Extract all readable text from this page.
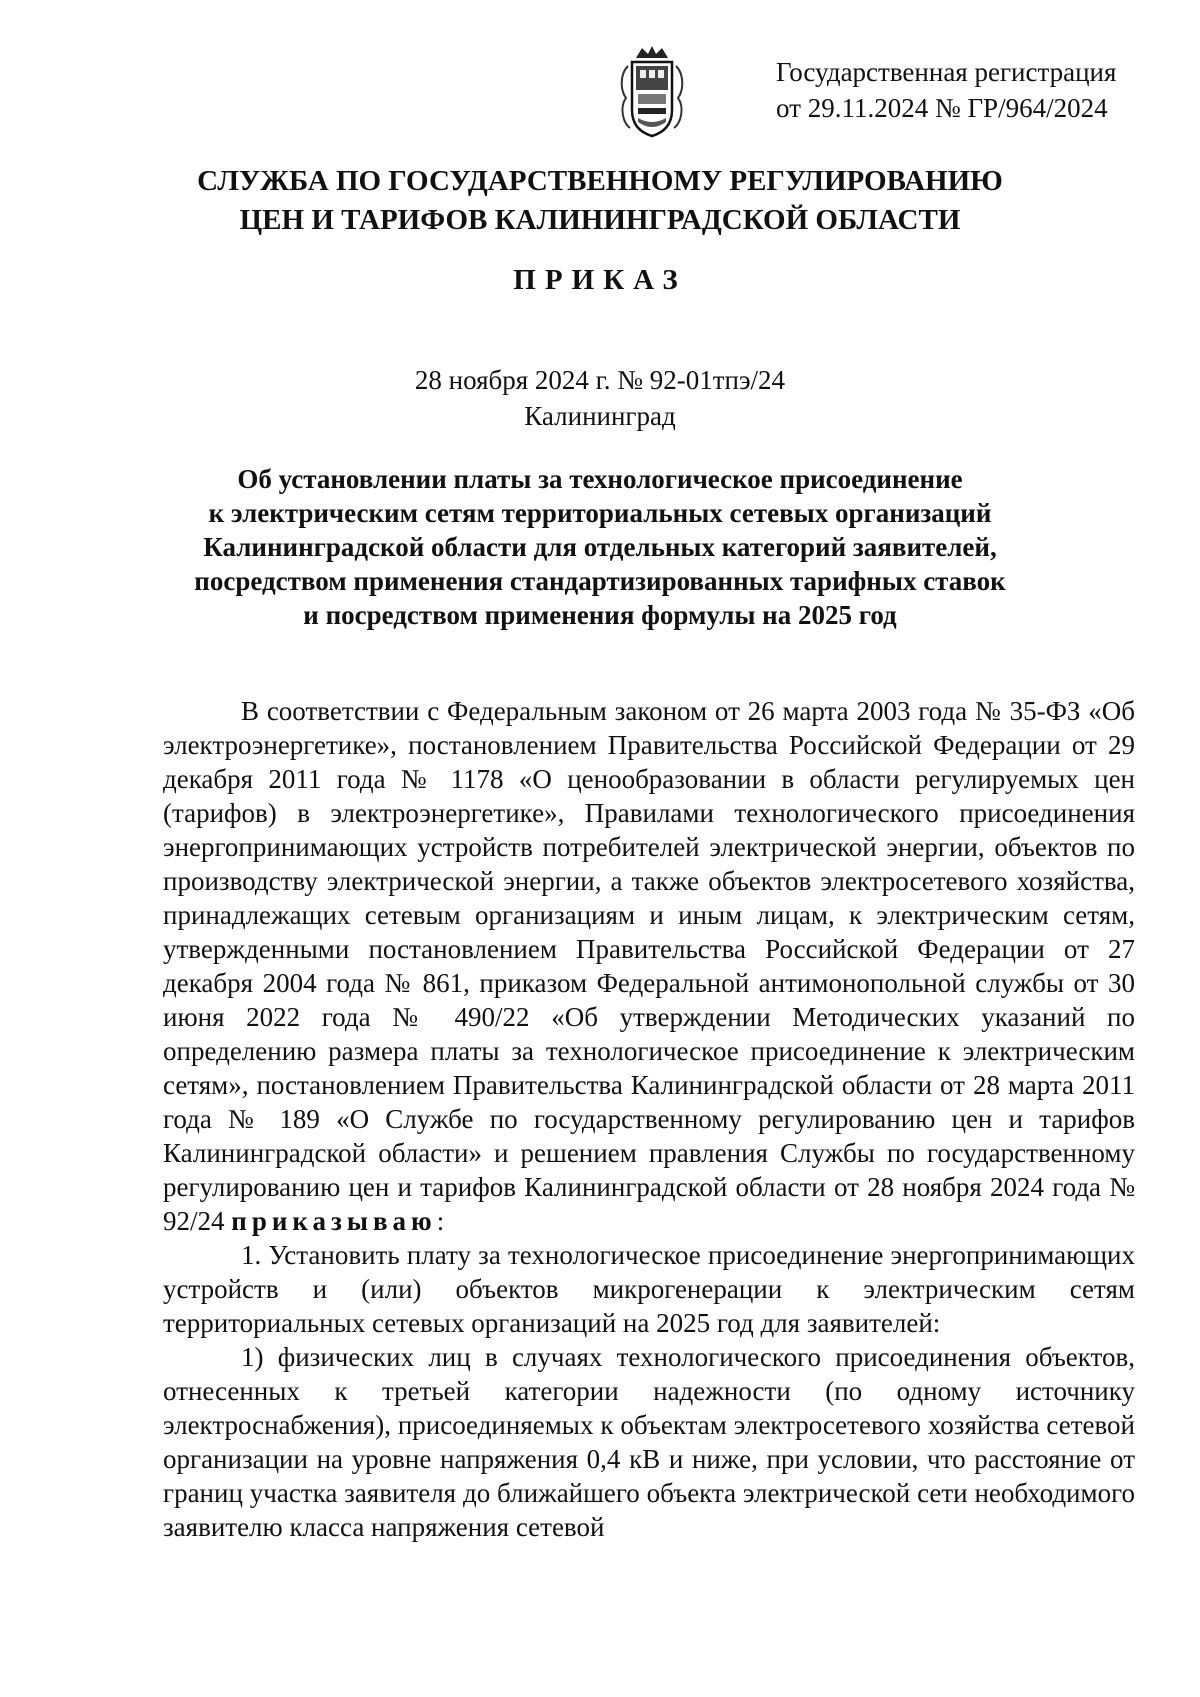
Государственная регистрация
от 29.11.2024 № ГР/964/2024
СЛУЖБА ПО ГОСУДАРСТВЕННОМУ РЕГУЛИРОВАНИЮ
ЦЕН И ТАРИФОВ КАЛИНИНГРАДСКОЙ ОБЛАСТИ
ПРИКАЗ
28 ноября 2024 г. № 92-01тпэ/24
Калининград
Об установлении платы за технологическое присоединение
к электрическим сетям территориальных сетевых организаций
Калининградской области для отдельных категорий заявителей,
посредством применения стандартизированных тарифных ставок
и посредством применения формулы на 2025 год

В соответствии с Федеральным законом от 26 марта 2003 года № 35-ФЗ «Об электроэнергетике», постановлением Правительства Российской Федерации от 29 декабря 2011 года № 1178 «О ценообразовании в области регулируемых цен (тарифов) в электроэнергетике», Правилами технологического присоединения энергопринимающих устройств потребителей электрической энергии, объектов по производству электрической энергии, а также объектов электросетевого хозяйства, принадлежащих сетевым организациям и иным лицам, к электрическим сетям, утвержденными постановлением Правительства Российской Федерации от 27 декабря 2004 года № 861, приказом Федеральной антимонопольной службы от 30 июня 2022 года № 490/22 «Об утверждении Методических указаний по определению размера платы за технологическое присоединение к электрическим сетям», постановлением Правительства Калининградской области от 28 марта 2011 года № 189 «О Службе по государственному регулированию цен и тарифов Калининградской области» и решением правления Службы по государственному регулированию цен и тарифов Калининградской области от 28 ноября 2024 года № 92/24 приказываю:

1. Установить плату за технологическое присоединение энергопринимающих устройств и (или) объектов микрогенерации к электрическим сетям территориальных сетевых организаций на 2025 год для заявителей:

1) физических лиц в случаях технологического присоединения объектов, отнесенных к третьей категории надежности (по одному источнику электроснабжения), присоединяемых к объектам электросетевого хозяйства сетевой организации на уровне напряжения 0,4 кВ и ниже, при условии, что расстояние от границ участка заявителя до ближайшего объекта электрической сети необходимого заявителю класса напряжения сетевой
